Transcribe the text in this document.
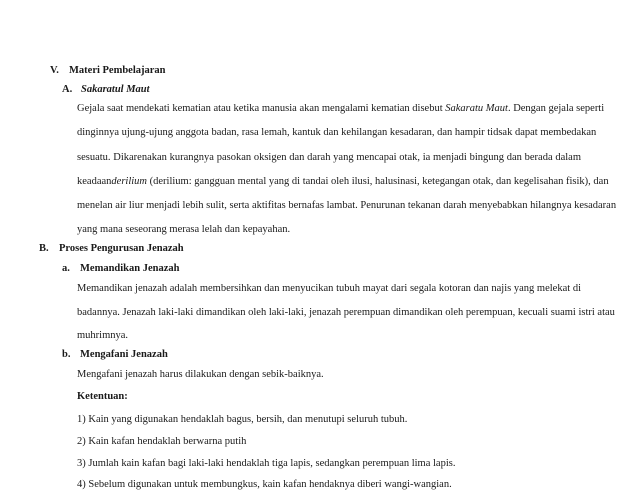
V. Materi Pembelajaran
A. Sakaratul Maut
Gejala saat mendekati kematian atau ketika manusia akan mengalami kematian disebut Sakaratu Maut. Dengan gejala seperti
dinginnya ujung-ujung anggota badan, rasa lemah, kantuk dan kehilangan kesadaran, dan hampir tidsak dapat membedakan
sesuatu. Dikarenakan kurangnya pasokan oksigen dan darah yang mencapai otak, ia menjadi bingung dan berada dalam
keadaanderilium (derilium: gangguan mental yang di tandai oleh ilusi, halusinasi, ketegangan otak, dan kegelisahan fisik), dan
menelan air liur menjadi lebih sulit, serta aktifitas bernafas lambat. Penurunan tekanan darah menyebabkan hilangnya kesadaran
yang mana seseorang merasa lelah dan kepayahan.
B. Proses Pengurusan Jenazah
a. Memandikan Jenazah
Memandikan jenazah adalah membersihkan dan menyucikan tubuh mayat dari segala kotoran dan najis yang melekat di
badannya. Jenazah laki-laki dimandikan oleh laki-laki, jenazah perempuan dimandikan oleh perempuan, kecuali suami istri atau
muhrimnya.
b. Mengafani Jenazah
Mengafani jenazah harus dilakukan dengan sebik-baiknya.
Ketentuan:
1) Kain yang digunakan hendaklah bagus, bersih, dan menutupi seluruh tubuh.
2) Kain kafan hendaklah berwarna putih
3) Jumlah kain kafan bagi laki-laki hendaklah tiga lapis, sedangkan perempuan lima lapis.
4) Sebelum digunakan untuk membungkus, kain kafan hendaknya diberi wangi-wangian.
